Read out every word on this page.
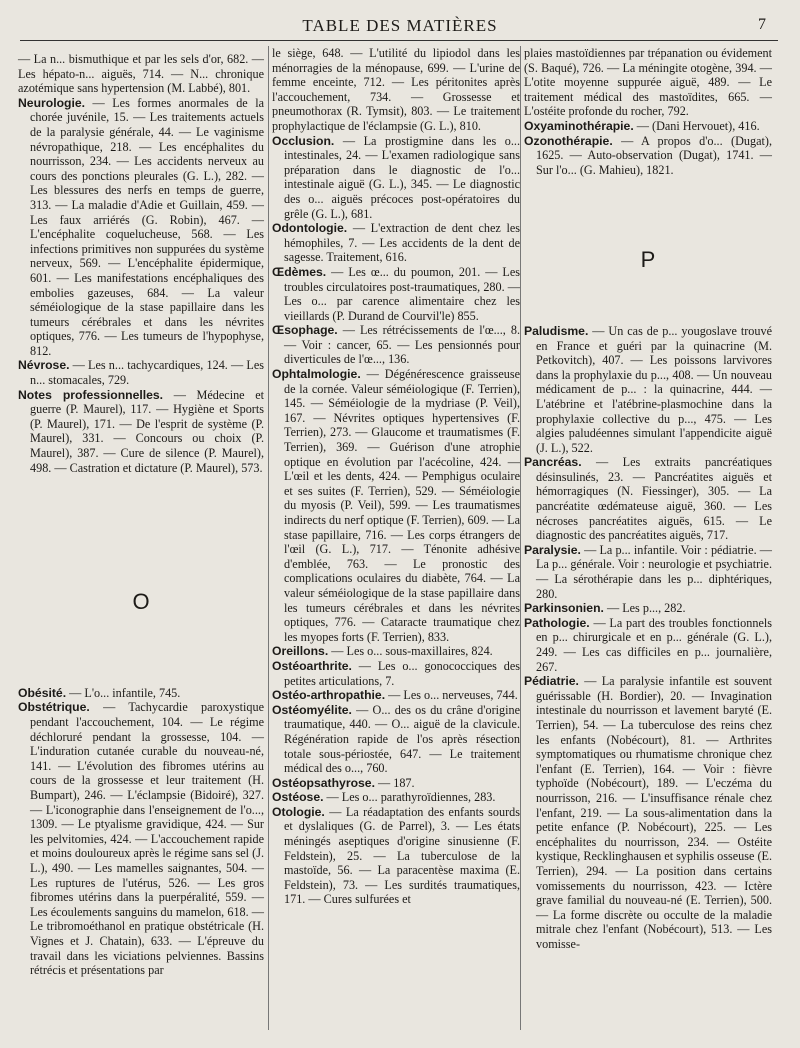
TABLE DES MATIÈRES	7

— La n... bismuthique et par les sels d'or, 682. — Les hépato-n... aiguës, 714. — N... chronique azotémique sans hypertension (M. Labbé), 801.

Neurologie. — Les formes anormales de la chorée juvénile, 15. — Les traitements actuels de la paralysie générale, 44. — Le vaginisme névropathique, 218. — Les encéphalites du nourrisson, 234. — Les accidents nerveux au cours des ponctions pleurales (G. L.), 282. — Les blessures des nerfs en temps de guerre, 313. — La maladie d'Adie et Guillain, 459. — Les faux arriérés (G. Robin), 467. — L'encéphalite coquelucheuse, 568. — Les infections primitives non suppurées du système nerveux, 569. — L'encéphalite épidermique, 601. — Les manifestations encéphaliques des embolies gazeuses, 684. — La valeur séméiologique de la stase papillaire dans les tumeurs cérébrales et dans les névrites optiques, 776. — Les tumeurs de l'hypophyse, 812.

Névrose. — Les n... tachycardiques, 124. — Les n... stomacales, 729.

Notes professionnelles. — Médecine et guerre (P. Maurel), 117. — Hygiène et Sports (P. Maurel), 171. — De l'esprit de système (P. Maurel), 331. — Concours ou choix (P. Maurel), 387. — Cure de silence (P. Maurel), 498. — Castration et dictature (P. Maurel), 573.

O

Obésité. — L'o... infantile, 745.

Obstétrique. — Tachycardie paroxystique pendant l'accouchement, 104. — Le régime déchloruré pendant la grossesse, 104. — L'induration cutanée curable du nouveau-né, 141. — L'évolution des fibromes utérins au cours de la grossesse et leur traitement (H. Bumpart), 246. — L'éclampsie (Bidoiré), 327. — L'iconographie dans l'enseignement de l'o..., 1309. — Le ptyalisme gravidique, 424. — Sur les pelvitomies, 424. — L'accouchement rapide et moins douloureux après le régime sans sel (J. L.), 490. — Les mamelles saignantes, 504. — Les ruptures de l'utérus, 526. — Les gros fibromes utérins dans la puerpéralité, 559. — Les écoulements sanguins du mamelon, 618. — Le tribromoéthanol en pratique obstétricale (H. Vignes et J. Chatain), 633. — L'épreuve du travail dans les viciations pelviennes. Bassins rétrécis et présentations par

le siège, 648. — L'utilité du lipiodol dans les ménorragies de la ménopause, 699. — L'urine de femme enceinte, 712. — Les péritonites après l'accouchement, 734. — Grossesse et pneumothorax (R. Tymsit), 803. — Le traitement prophylactique de l'éclampsie (G. L.), 810.

Occlusion. — La prostigmine dans les o... intestinales, 24. — L'examen radiologique sans préparation dans le diagnostic de l'o... intestinale aiguë (G. L.), 345. — Le diagnostic des o... aiguës précoces post-opératoires du grêle (G. L.), 681.

Odontologie. — L'extraction de dent chez les hémophiles, 7. — Les accidents de la dent de sagesse. Traitement, 616.

Œdèmes. — Les œ... du poumon, 201. — Les troubles circulatoires post-traumatiques, 280. — Les o... par carence alimentaire chez les vieillards (P. Durand de Courvil'le) 855.

Œsophage. — Les rétrécissements de l'œ..., 8. — Voir : cancer, 65. — Les pensionnés pour diverticules de l'œ..., 136.

Ophtalmologie. — Dégénérescence graisseuse de la cornée. Valeur séméiologique (F. Terrien), 145. — Séméiologie de la mydriase (P. Veil), 167. — Névrites optiques hypertensives (F. Terrien), 273. — Glaucome et traumatismes (F. Terrien), 369. — Guérison d'une atrophie optique en évolution par l'acécoline, 424. — L'œil et les dents, 424. — Pemphigus oculaire et ses suites (F. Terrien), 529. — Séméiologie du myosis (P. Veil), 599. — Les traumatismes indirects du nerf optique (F. Terrien), 609. — La stase papillaire, 716. — Les corps étrangers de l'œil (G. L.), 717. — Ténonite adhésive d'emblée, 763. — Le pronostic des complications oculaires du diabète, 764. — La valeur séméiologique de la stase papillaire dans les tumeurs cérébrales et dans les névrites optiques, 776. — Cataracte traumatique chez les myopes forts (F. Terrien), 833.

Oreillons. — Les o... sous-maxillaires, 824.

Ostéoarthrite. — Les o... gonococciques des petites articulations, 7.

Ostéo-arthropathie. — Les o... nerveuses, 744.

Ostéomyélite. — O... des os du crâne d'origine traumatique, 440. — O... aiguë de la clavicule. Régénération rapide de l'os après résection totale sous-périostée, 647. — Le traitement médical des o..., 760.

Ostéopsathyrose. — 187.

Ostéose. — Les o... parathyroïdiennes, 283.

Otologie. — La réadaptation des enfants sourds et dyslaliques (G. de Parrel), 3. — Les états méningés aseptiques d'origine sinusienne (F. Feldstein), 25. — La tuberculose de la mastoïde, 56. — La paracentèse maxima (E. Feldstein), 73. — Les surdités traumatiques, 171. — Cures sulfurées et

plaies mastoïdiennes par trépanation ou évidement (S. Baqué), 726. — La méningite otogène, 394. — L'otite moyenne suppurée aiguë, 489. — Le traitement médical des mastoïdites, 665. — L'ostéite profonde du rocher, 792.

Oxyaminothérapie. — (Dani Hervouet), 416.

Ozonothérapie. — A propos d'o... (Dugat), 1625. — Auto-observation (Dugat), 1741. — Sur l'o... (G. Mahieu), 1821.

P

Paludisme. — Un cas de p... yougoslave trouvé en France et guéri par la quinacrine (M. Petkovitch), 407. — Les poissons larvivores dans la prophylaxie du p..., 408. — Un nouveau médicament de p... : la quinacrine, 444. — L'atébrine et l'atébrine-plasmochine dans la prophylaxie collective du p..., 475. — Les algies paludéennes simulant l'appendicite aiguë (J. L.), 522.

Pancréas. — Les extraits pancréatiques désinsulinés, 23. — Pancréatites aiguës et hémorragiques (N. Fiessinger), 305. — La pancréatite œdémateuse aiguë, 360. — Les nécroses pancréatites aiguës, 615. — Le diagnostic des pancréatites aiguës, 717.

Paralysie. — La p... infantile. Voir : pédiatrie. — La p... générale. Voir : neurologie et psychiatrie. — La sérothérapie dans les p... diphtériques, 280.

Parkinsonien. — Les p..., 282.

Pathologie. — La part des troubles fonctionnels en p... chirurgicale et en p... générale (G. L.), 249. — Les cas difficiles en p... journalière, 267.

Pédiatrie. — La paralysie infantile est souvent guérissable (H. Bordier), 20. — Invagination intestinale du nourrisson et lavement baryté (E. Terrien), 54. — La tuberculose des reins chez les enfants (Nobécourt), 81. — Arthrites symptomatiques ou rhumatisme chronique chez l'enfant (E. Terrien), 164. — Voir : fièvre typhoïde (Nobécourt), 189. — L'eczéma du nourrisson, 216. — L'insuffisance rénale chez l'enfant, 219. — La sous-alimentation dans la petite enfance (P. Nobécourt), 225. — Les encéphalites du nourrisson, 234. — Ostéite kystique, Recklinghausen et syphilis osseuse (E. Terrien), 294. — La position dans certains vomissements du nourrisson, 423. — Ictère grave familial du nouveau-né (E. Terrien), 500. — La forme discrète ou occulte de la maladie mitrale chez l'enfant (Nobécourt), 513. — Les vomisse-
